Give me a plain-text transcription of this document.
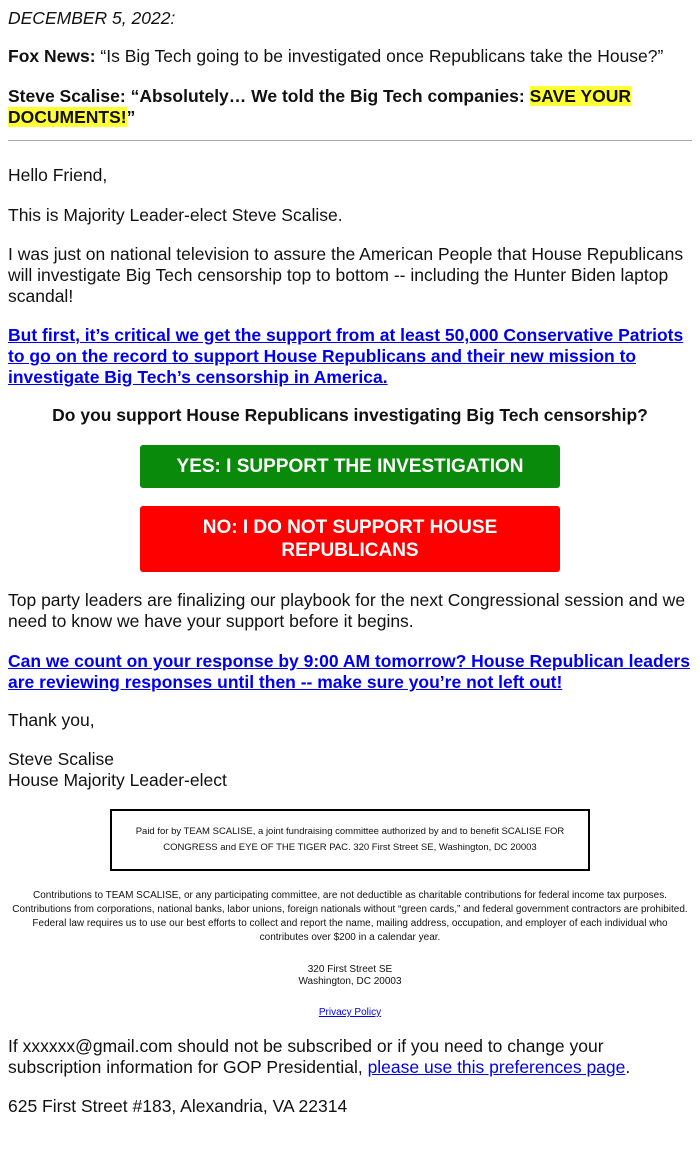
DECEMBER 5, 2022:

Fox News: “Is Big Tech going to be investigated once Republicans take the House?”

Steve Scalise: “Absolutely… We told the Big Tech companies: SAVE YOUR DOCUMENTS!”

Hello Friend,

This is Majority Leader-elect Steve Scalise.

I was just on national television to assure the American People that House Republicans will investigate Big Tech censorship top to bottom -- including the Hunter Biden laptop scandal!

But first, it’s critical we get the support from at least 50,000 Conservative Patriots to go on the record to support House Republicans and their new mission to investigate Big Tech’s censorship in America.

Do you support House Republicans investigating Big Tech censorship?

YES: I SUPPORT THE INVESTIGATION
NO: I DO NOT SUPPORT HOUSE REPUBLICANS

Top party leaders are finalizing our playbook for the next Congressional session and we need to know we have your support before it begins.

Can we count on your response by 9:00 AM tomorrow? House Republican leaders are reviewing responses until then -- make sure you’re not left out!

Thank you,

Steve Scalise

House Majority Leader-elect

Paid for by TEAM SCALISE, a joint fundraising committee authorized by and to benefit SCALISE FOR CONGRESS and EYE OF THE TIGER PAC. 320 First Street SE, Washington, DC 20003

Contributions to TEAM SCALISE, or any participating committee, are not deductible as charitable contributions for federal income tax purposes. Contributions from corporations, national banks, labor unions, foreign nationals without “green cards,” and federal government contractors are prohibited. Federal law requires us to use our best efforts to collect and report the name, mailing address, occupation, and employer of each individual who contributes over $200 in a calendar year.

320 First Street SE
Washington, DC 20003

Privacy Policy

If xxxxxx@gmail.com should not be subscribed or if you need to change your subscription information for GOP Presidential, please use this preferences page.

625 First Street #183, Alexandria, VA 22314
